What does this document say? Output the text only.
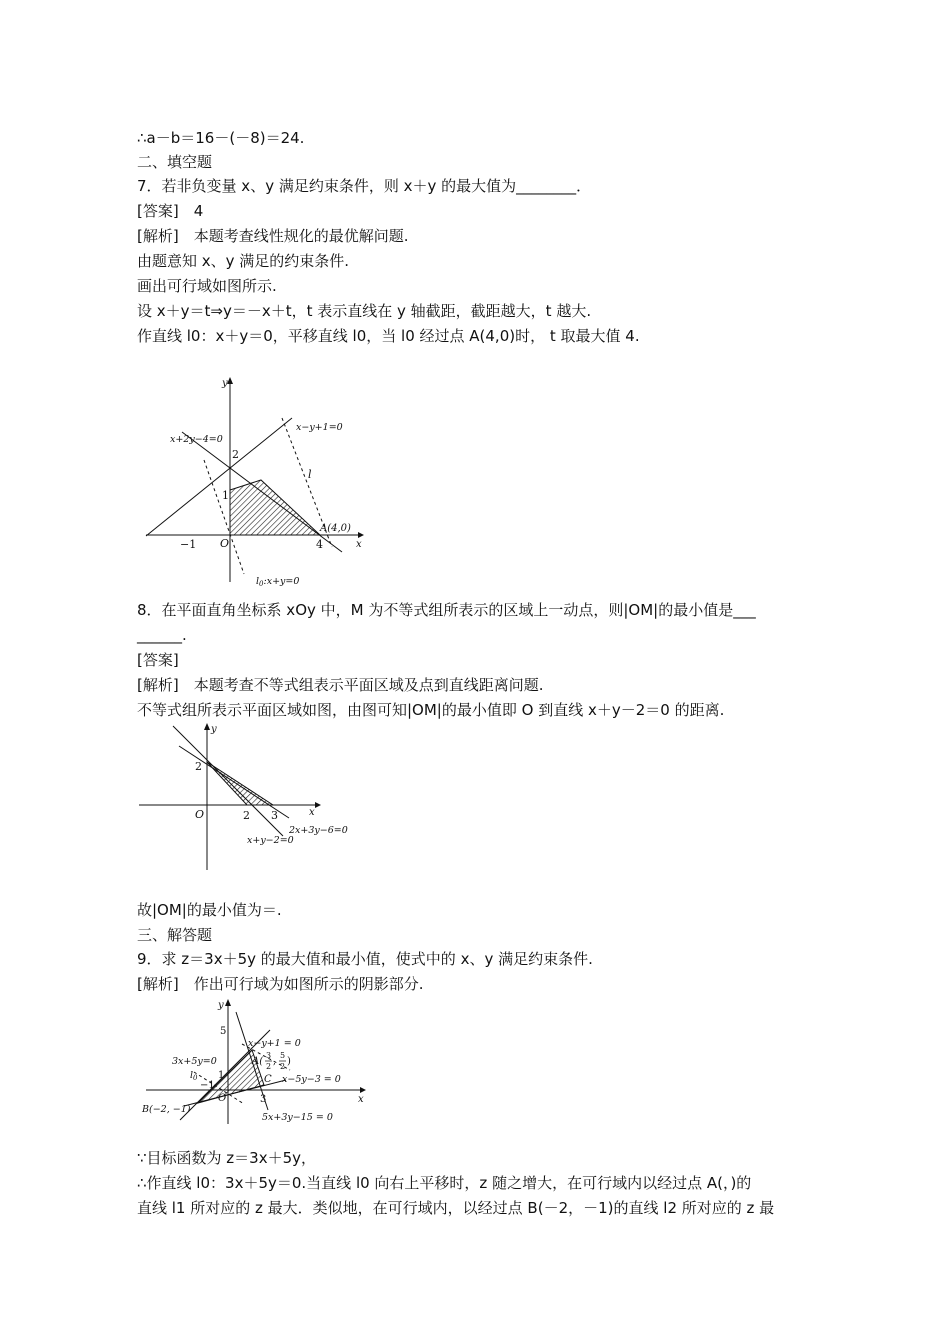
∴a－b＝16－(－8)＝24.
二、填空题
7．若非负变量 x、y 满足约束条件，则 x＋y 的最大值为________．
[答案]　4
[解析]　本题考查线性规化的最优解问题.
由题意知 x、y 满足的约束条件.
画出可行域如图所示.
设 x＋y＝t⇒y＝－x＋t，t 表示直线在 y 轴截距，截距越大，t 越大.
作直线 l0：x＋y＝0，平移直线 l0，当 l0 经过点 A(4,0)时， t 取最大值 4.
y
x
x+2y−4=0
x−y+1=0
l
2
1
−1 O	4
A(4,0)
$l_0:x+y=0$
8．在平面直角坐标系 xOy 中，M 为不等式组所表示的区域上一动点，则|OM|的最小值是___
______.
[答案]
[解析]　本题考查不等式组表示平面区域及点到直线距离问题.
不等式组所表示平面区域如图，由图可知|OM|的最小值即 O 到直线 x＋y－2＝0 的距离.
y
x
2
O	2 3
2x+3y−6=0
x+y−2=0
故|OM|的最小值为＝.
三、解答题
9．求 z＝3x＋5y 的最大值和最小值，使式中的 x、y 满足约束条件.
[解析]　作出可行域为如图所示的阴影部分.
y
x
5
x−y+1 = 0
A(
3
2 ,
5
2 )
3x+5y=0
$l_0$ 1
−1
O
C x−5y−3 = 0
3
B(−2, −1)
5x+3y−15 = 0
∵目标函数为 z＝3x＋5y，
∴作直线 l0：3x＋5y＝0.当直线 l0 向右上平移时，z 随之增大，在可行域内以经过点 A(，)的
直线 l1 所对应的 z 最大．类似地，在可行域内，以经过点 B(－2，－1)的直线 l2 所对应的 z 最
